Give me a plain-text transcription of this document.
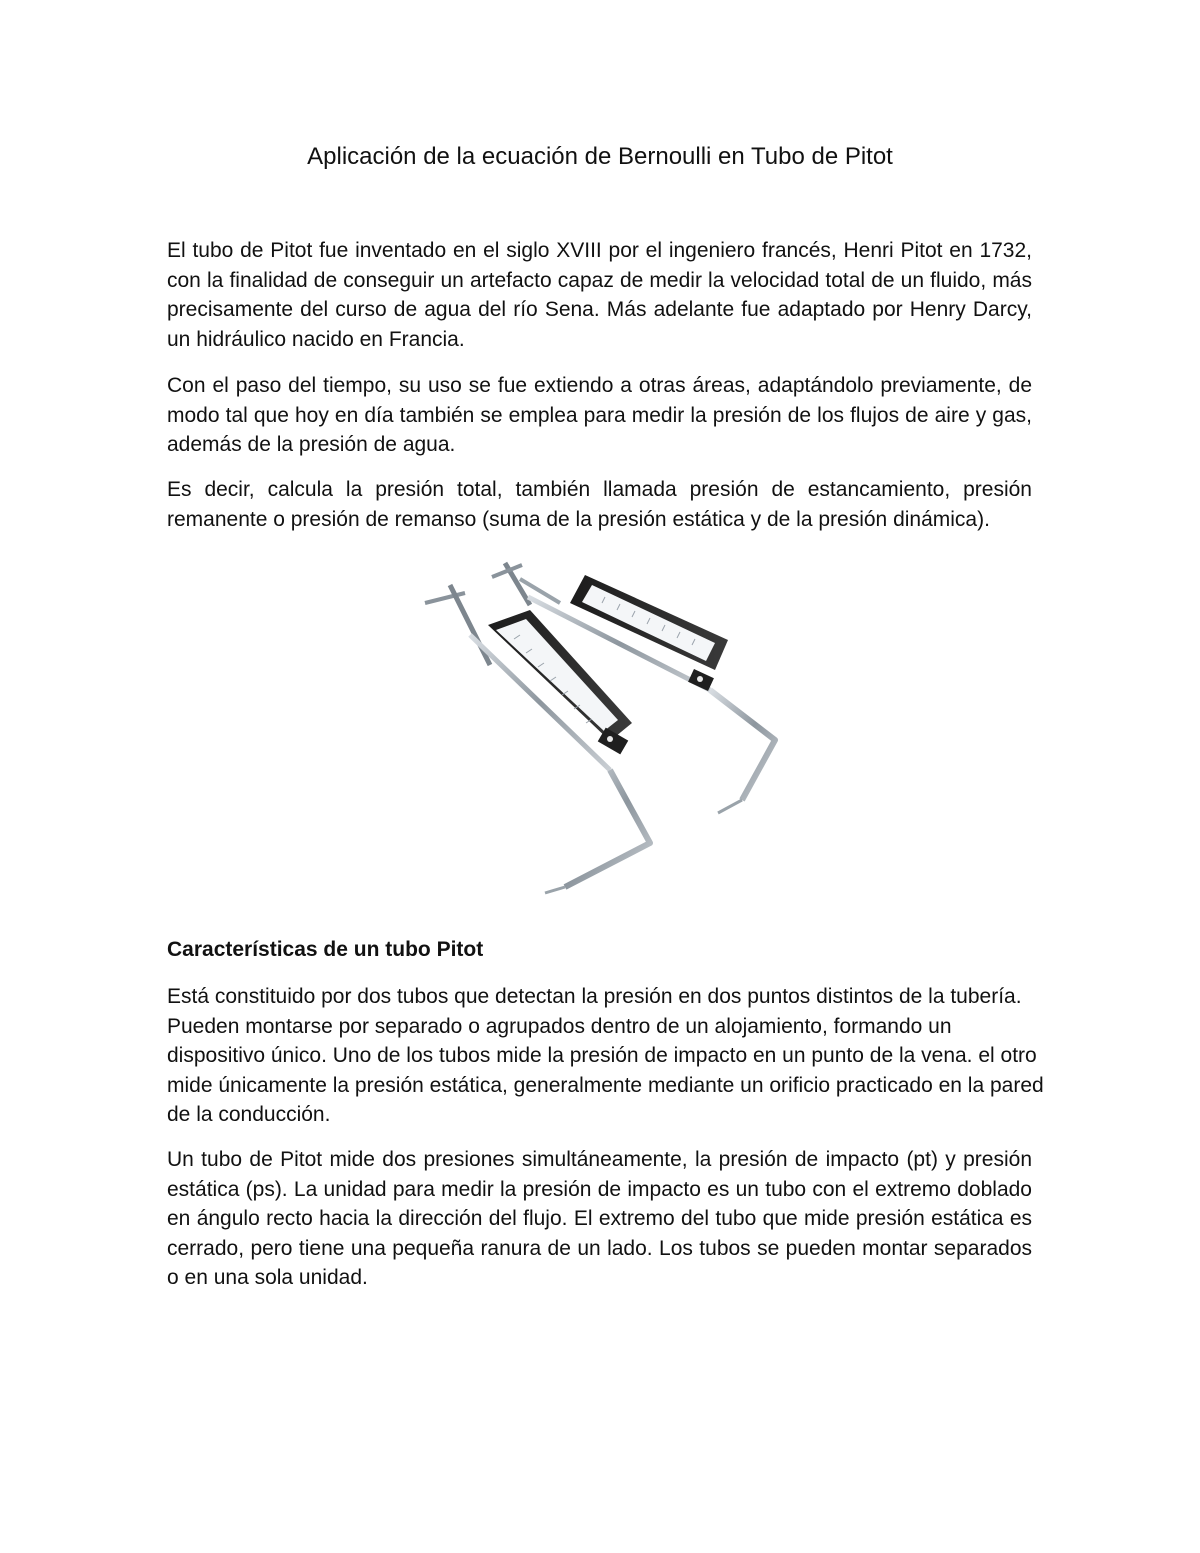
Aplicación de la ecuación de Bernoulli en Tubo de Pitot

El tubo de Pitot fue inventado en el siglo XVIII por el ingeniero francés, Henri Pitot en 1732, con la finalidad de conseguir un artefacto capaz de medir la velocidad total de un fluido, más precisamente del curso de agua del río Sena. Más adelante fue adaptado por Henry Darcy, un hidráulico nacido en Francia.

Con el paso del tiempo, su uso se fue extiendo a otras áreas, adaptándolo previamente, de modo tal que hoy en día también se emplea para medir la presión de los flujos de aire y gas, además de la presión de agua.

Es decir, calcula la presión total, también llamada presión de estancamiento, presión remanente o presión de remanso (suma de la presión estática y de la presión dinámica).

Características de un tubo Pitot

Está constituido por dos tubos que detectan la presión en dos puntos distintos de la tubería. Pueden montarse por separado o agrupados dentro de un alojamiento, formando un dispositivo único. Uno de los tubos mide la presión de impacto en un punto de la vena. el otro mide únicamente la presión estática, generalmente mediante un orificio practicado en la pared de la conducción.

Un tubo de Pitot mide dos presiones simultáneamente, la presión de impacto (pt) y presión estática (ps). La unidad para medir la presión de impacto es un tubo con el extremo doblado en ángulo recto hacia la dirección del flujo. El extremo del tubo que mide presión estática es cerrado, pero tiene una pequeña ranura de un lado. Los tubos se pueden montar separados o en una sola unidad.
